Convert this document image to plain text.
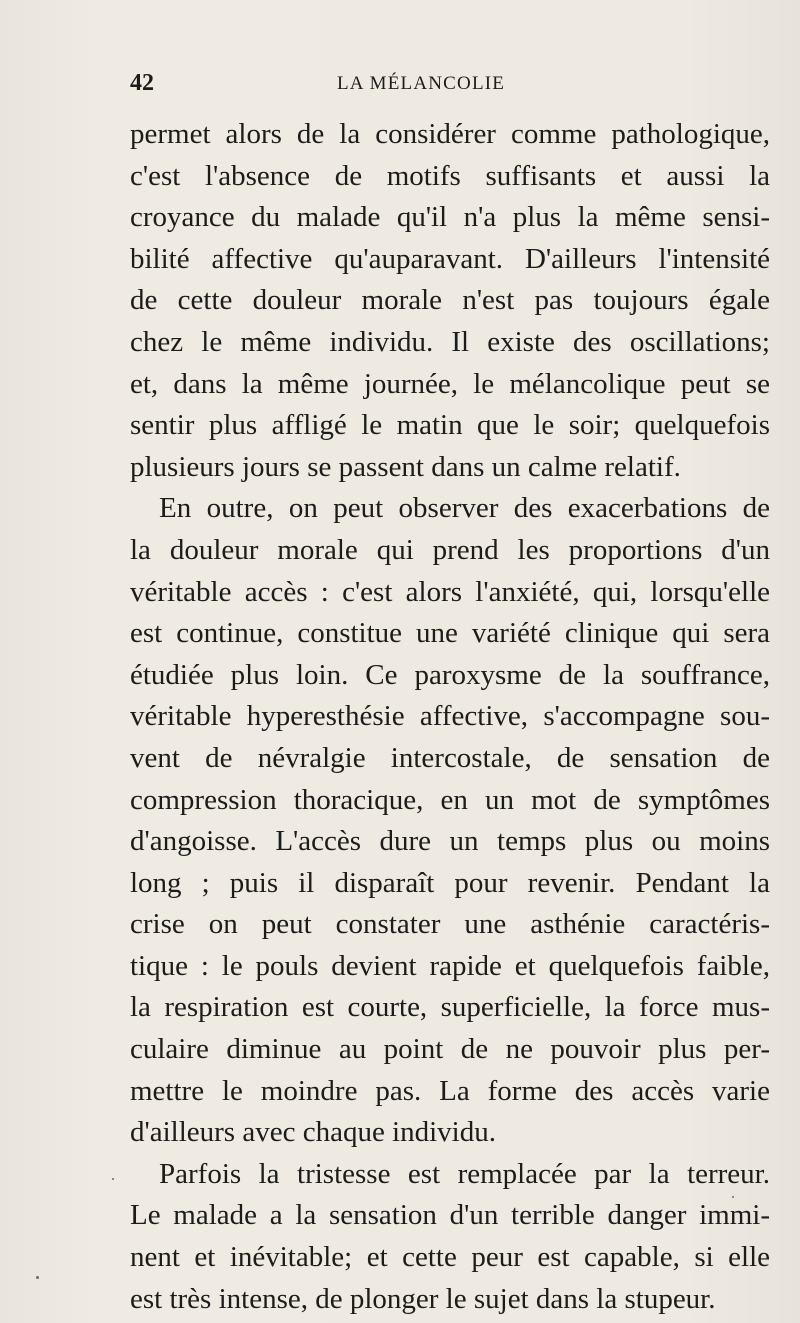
42	LA MÉLANCOLIE
permet alors de la considérer comme pathologique,
c'est l'absence de motifs suffisants et aussi la
croyance du malade qu'il n'a plus la même sensi-
bilité affective qu'auparavant. D'ailleurs l'intensité
de cette douleur morale n'est pas toujours égale
chez le même individu. Il existe des oscillations;
et, dans la même journée, le mélancolique peut se
sentir plus affligé le matin que le soir; quelquefois
plusieurs jours se passent dans un calme relatif.
En outre, on peut observer des exacerbations de
la douleur morale qui prend les proportions d'un
véritable accès : c'est alors l'anxiété, qui, lorsqu'elle
est continue, constitue une variété clinique qui sera
étudiée plus loin. Ce paroxysme de la souffrance,
véritable hyperesthésie affective, s'accompagne sou-
vent de névralgie intercostale, de sensation de
compression thoracique, en un mot de symptômes
d'angoisse. L'accès dure un temps plus ou moins
long ; puis il disparaît pour revenir. Pendant la
crise on peut constater une asthénie caractéris-
tique : le pouls devient rapide et quelquefois faible,
la respiration est courte, superficielle, la force mus-
culaire diminue au point de ne pouvoir plus per-
mettre le moindre pas. La forme des accès varie
d'ailleurs avec chaque individu.
Parfois la tristesse est remplacée par la terreur.
Le malade a la sensation d'un terrible danger immi-
nent et inévitable; et cette peur est capable, si elle
est très intense, de plonger le sujet dans la stupeur.
